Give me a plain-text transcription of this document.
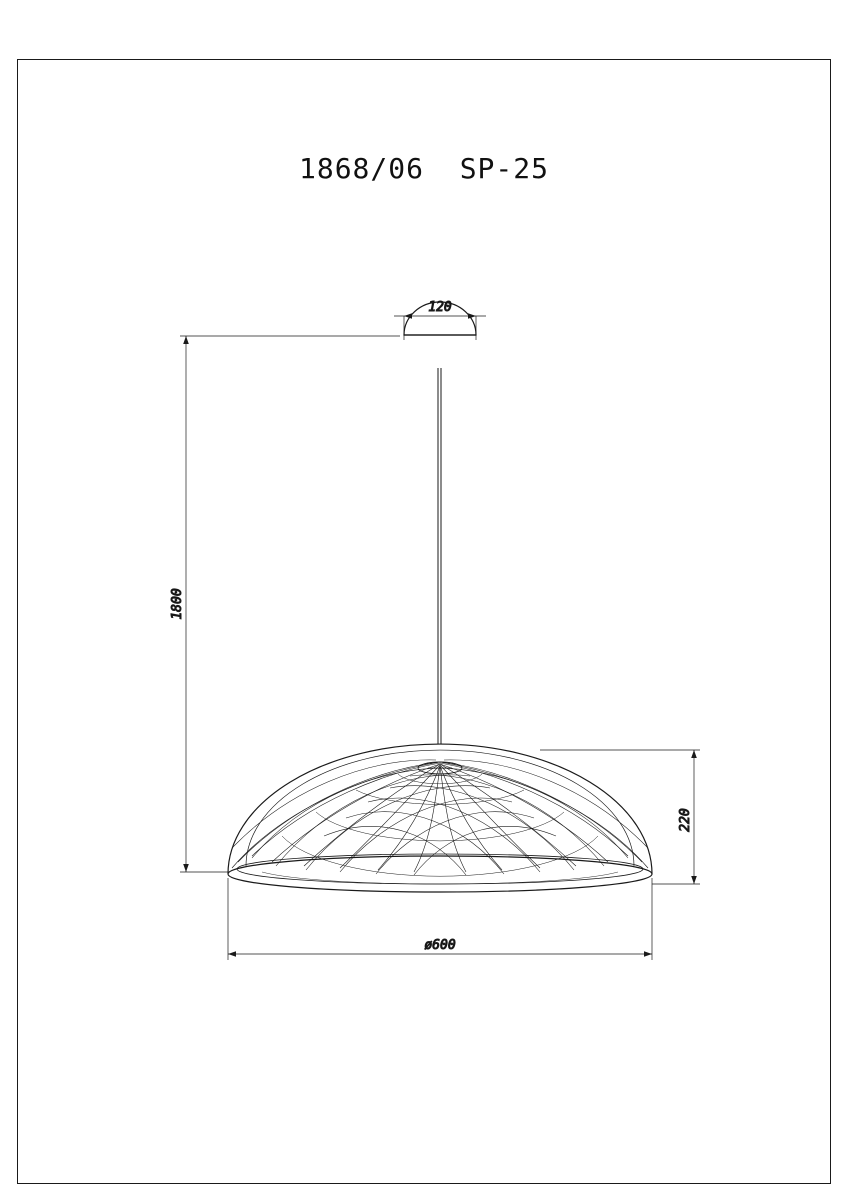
1868/06  SP-25
120
1800
220
ø600
